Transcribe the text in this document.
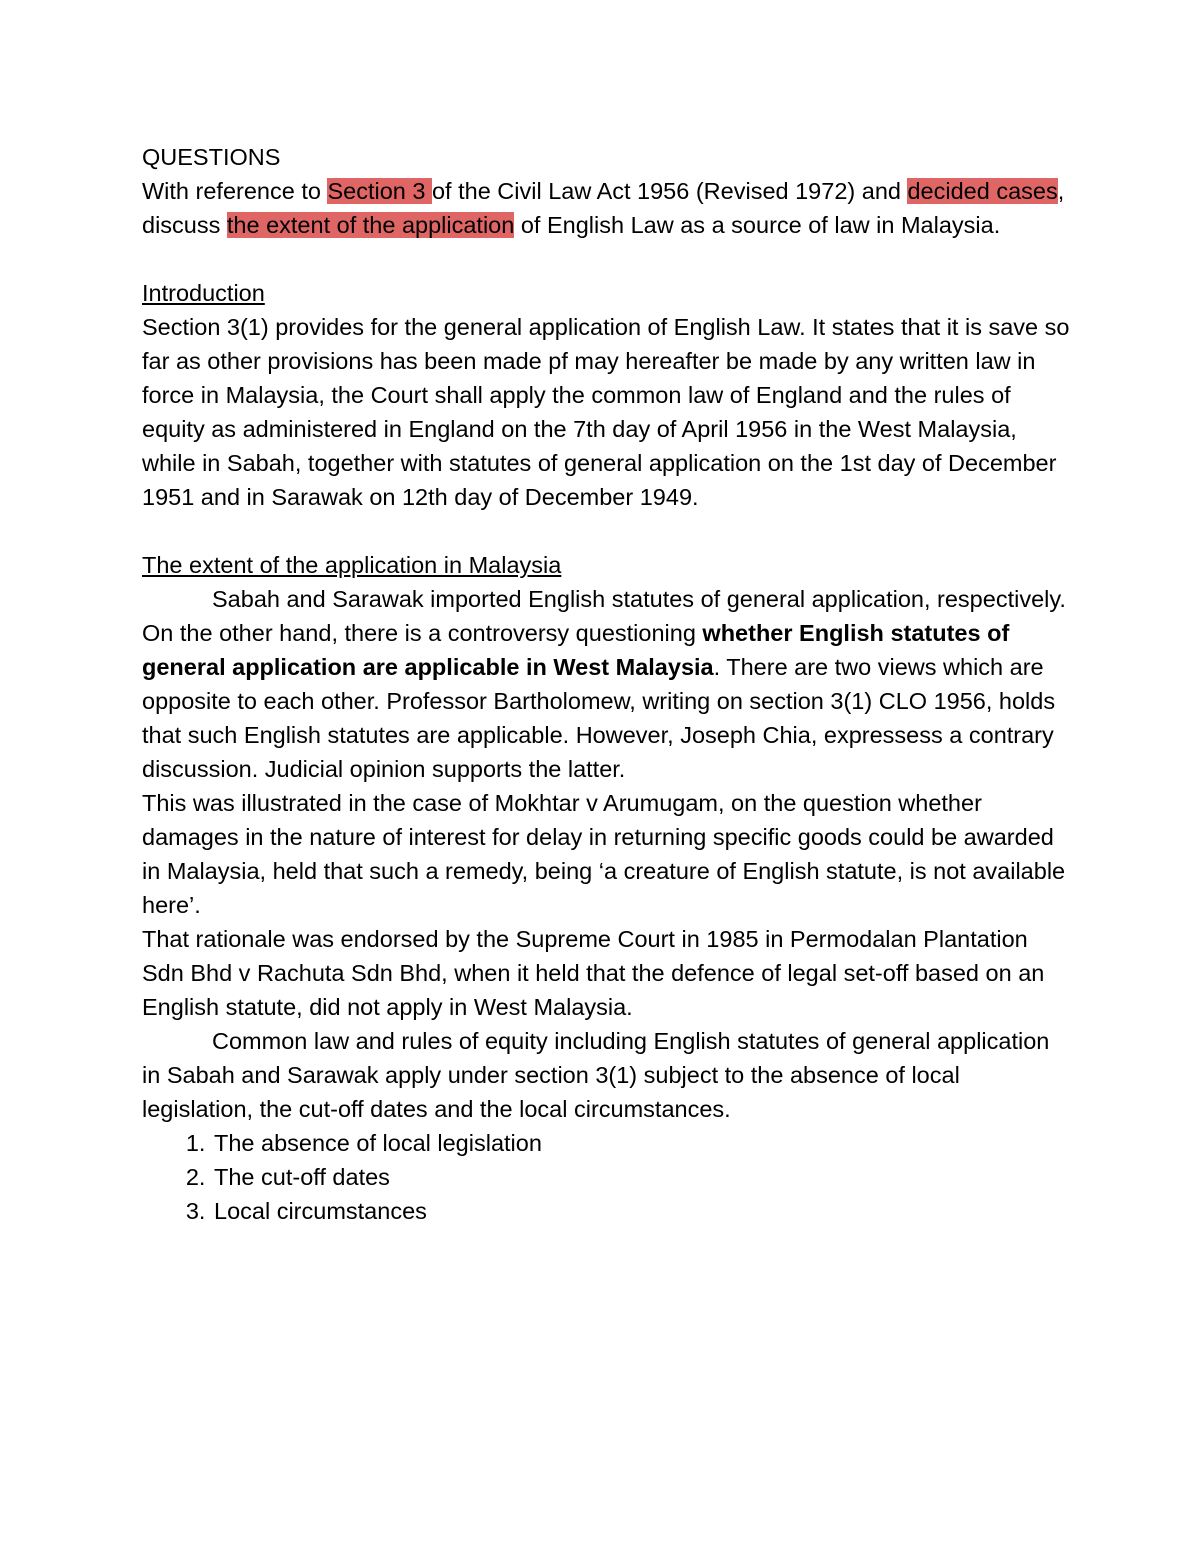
QUESTIONS

With reference to Section 3 of the Civil Law Act 1956 (Revised 1972) and decided cases, discuss the extent of the application of English Law as a source of law in Malaysia.

Introduction

Section 3(1) provides for the general application of English Law. It states that it is save so far as other provisions has been made pf may hereafter be made by any written law in force in Malaysia, the Court shall apply the common law of England and the rules of equity as administered in England on the 7th day of April 1956 in the West Malaysia, while in Sabah, together with statutes of general application on the 1st day of December 1951 and in Sarawak on 12th day of December 1949.

The extent of the application in Malaysia

Sabah and Sarawak imported English statutes of general application, respectively. On the other hand, there is a controversy questioning whether English statutes of general application are applicable in West Malaysia. There are two views which are opposite to each other. Professor Bartholomew, writing on section 3(1) CLO 1956, holds that such English statutes are applicable. However, Joseph Chia, expressess a contrary discussion. Judicial opinion supports the latter.

This was illustrated in the case of Mokhtar v Arumugam, on the question whether damages in the nature of interest for delay in returning specific goods could be awarded in Malaysia, held that such a remedy, being ‘a creature of English statute, is not available here’.

That rationale was endorsed by the Supreme Court in 1985 in Permodalan Plantation Sdn Bhd v Rachuta Sdn Bhd, when it held that the defence of legal set-off based on an English statute, did not apply in West Malaysia.

Common law and rules of equity including English statutes of general application in Sabah and Sarawak apply under section 3(1) subject to the absence of local legislation, the cut-off dates and the local circumstances.

1. The absence of local legislation
2. The cut-off dates
3. Local circumstances
